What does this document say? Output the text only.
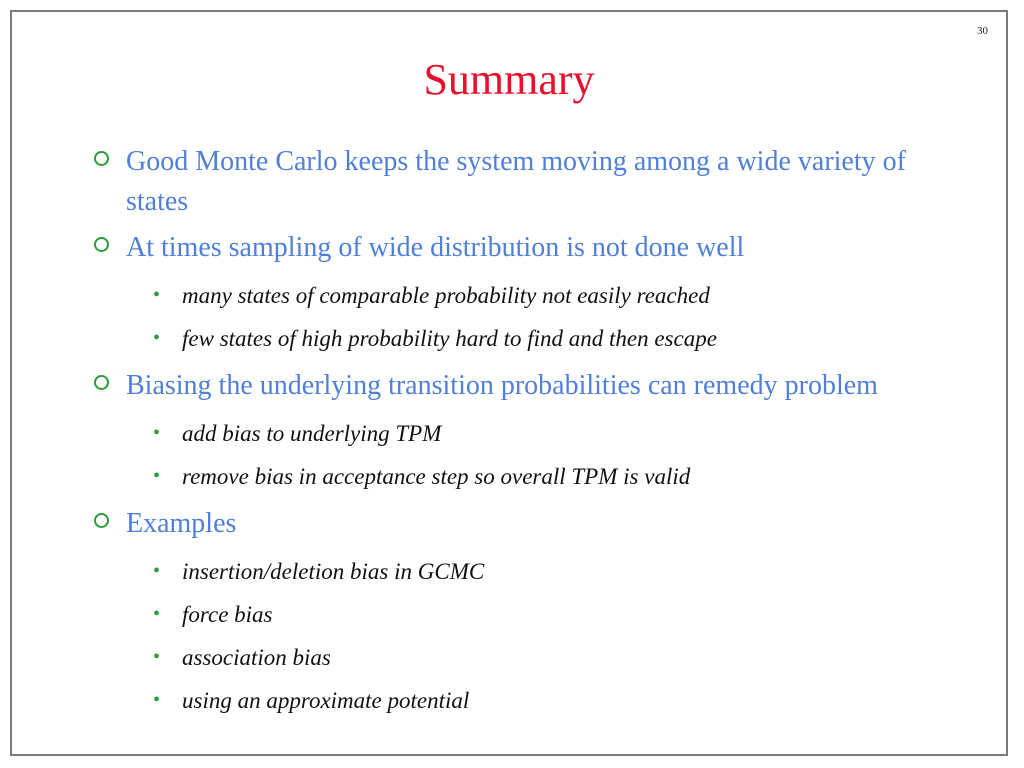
30
Summary
Good Monte Carlo keeps the system moving among a wide variety of states
At times sampling of wide distribution is not done well
• many states of comparable probability not easily reached
• few states of high probability hard to find and then escape
Biasing the underlying transition probabilities can remedy problem
• add bias to underlying TPM
• remove bias in acceptance step so overall TPM is valid
Examples
• insertion/deletion bias in GCMC
• force bias
• association bias
• using an approximate potential
